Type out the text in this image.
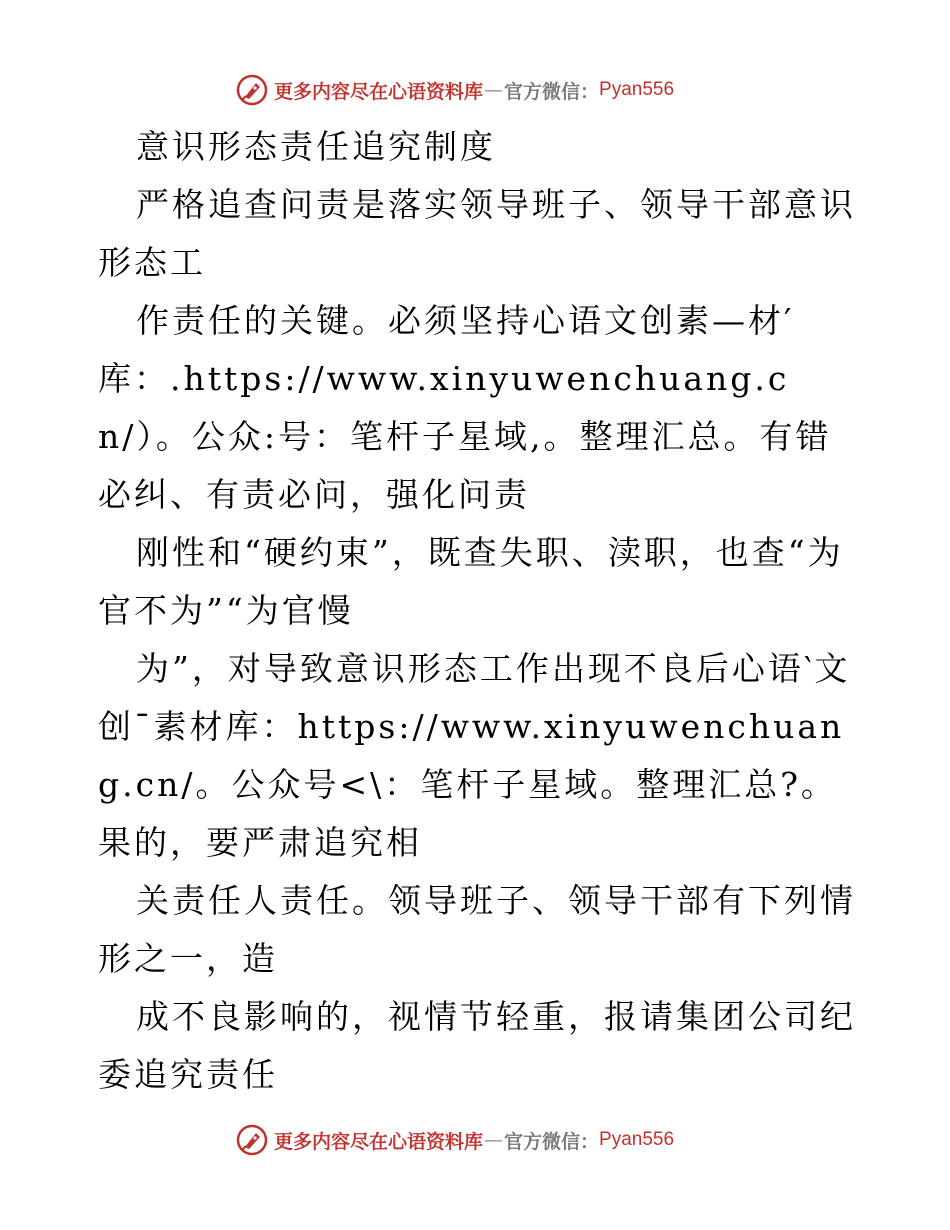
更多内容尽在心语资料库 — 官方微信： Pyan556

意识形态责任追究制度

严格追查问责是落实领导班子、领导干部意识形态工

作责任的关键。必须坚持心语文创素—材′库：.https://www.xinyuwenchuang.cn/）。公众:号：笔杆子星域,。整理汇总。有错必纠、有责必问，强化问责

刚性和“硬约束”，既查失职、渎职，也查“为官不为”“为官慢

为”，对导致意识形态工作出现不良后心语‵文创¯素材库：https://www.xinyuwenchuang.cn/。公众号<\：笔杆子星域。整理汇总?。果的，要严肃追究相

关责任人责任。领导班子、领导干部有下列情形之一，造

成不良影响的，视情节轻重，报请集团公司纪委追究责任

更多内容尽在心语资料库 — 官方微信： Pyan556
